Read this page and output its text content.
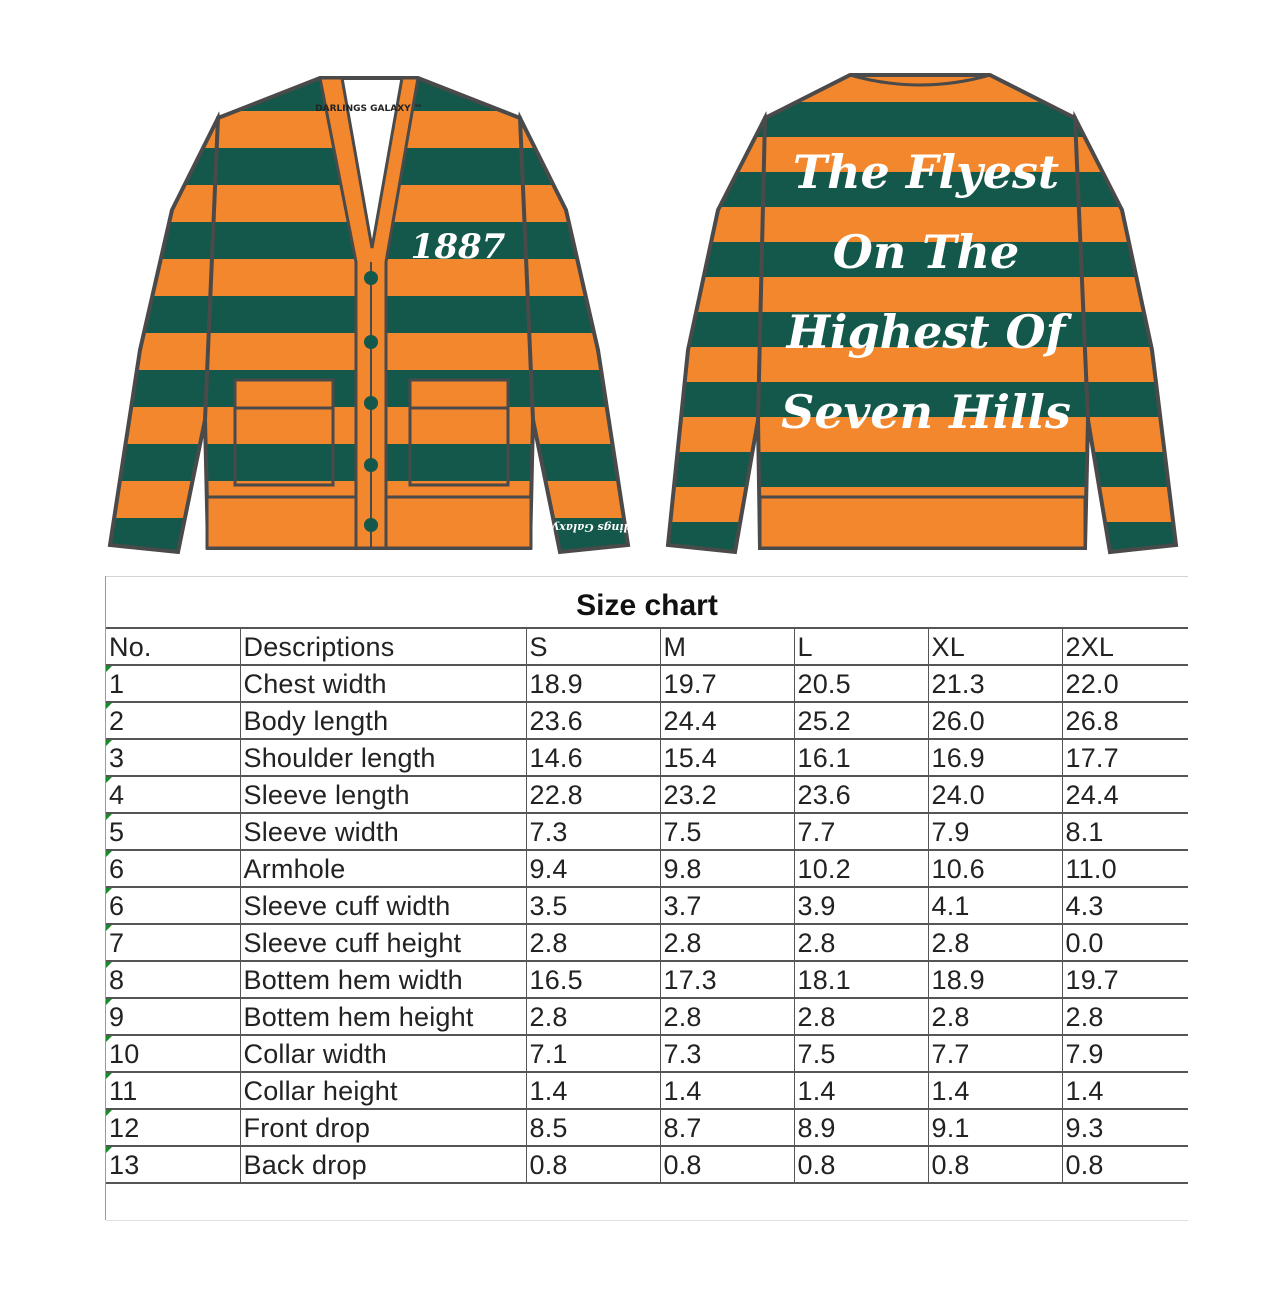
DARLINGS GALAXY ™
1887
Darlings Galaxy™
The Flyest
On The
Highest Of
Seven Hills
Size chart
No.	Descriptions	S	M	L	XL	2XL
1	Chest width	18.9	19.7	20.5	21.3	22.0
2	Body length	23.6	24.4	25.2	26.0	26.8
3	Shoulder length	14.6	15.4	16.1	16.9	17.7
4	Sleeve length	22.8	23.2	23.6	24.0	24.4
5	Sleeve width	7.3	7.5	7.7	7.9	8.1
6	Armhole	9.4	9.8	10.2	10.6	11.0
6	Sleeve cuff width	3.5	3.7	3.9	4.1	4.3
7	Sleeve cuff height	2.8	2.8	2.8	2.8	0.0
8	Bottem hem width	16.5	17.3	18.1	18.9	19.7
9	Bottem hem height	2.8	2.8	2.8	2.8	2.8
10	Collar width	7.1	7.3	7.5	7.7	7.9
11	Collar height	1.4	1.4	1.4	1.4	1.4
12	Front drop	8.5	8.7	8.9	9.1	9.3
13	Back drop	0.8	0.8	0.8	0.8	0.8
